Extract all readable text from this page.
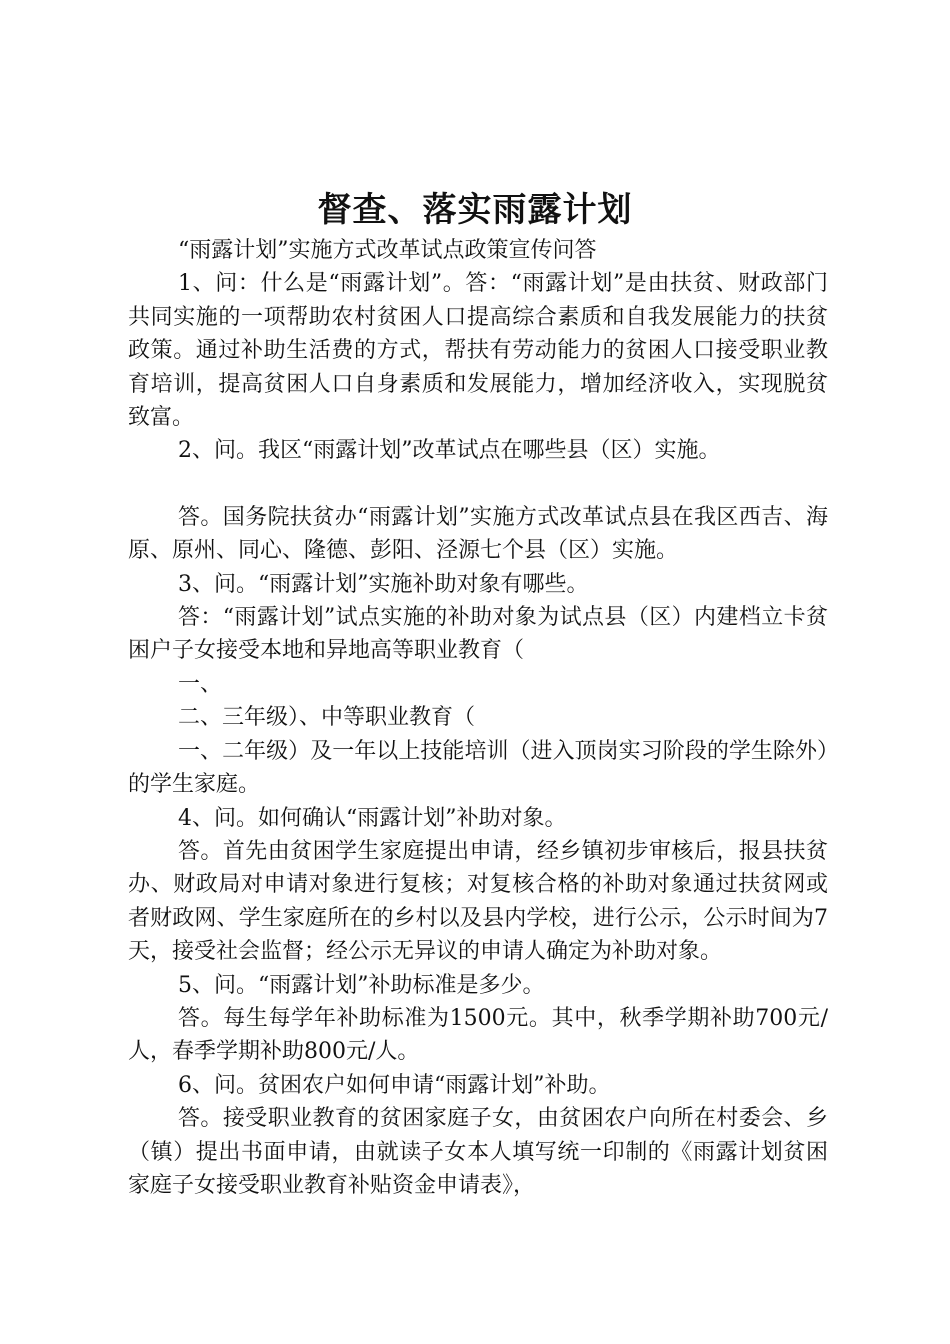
督查、落实雨露计划

“雨露计划”实施方式改革试点政策宣传问答

1、问：什么是“雨露计划”。答：“雨露计划”是由扶贫、财政部门共同实施的一项帮助农村贫困人口提高综合素质和自我发展能力的扶贫政策。通过补助生活费的方式，帮扶有劳动能力的贫困人口接受职业教育培训，提高贫困人口自身素质和发展能力，增加经济收入，实现脱贫致富。

2、问。我区“雨露计划”改革试点在哪些县（区）实施。

答。国务院扶贫办“雨露计划”实施方式改革试点县在我区西吉、海原、原州、同心、隆德、彭阳、泾源七个县（区）实施。

3、问。“雨露计划”实施补助对象有哪些。

答：“雨露计划”试点实施的补助对象为试点县（区）内建档立卡贫困户子女接受本地和异地高等职业教育（

一、

二、三年级）、中等职业教育（

一、二年级）及一年以上技能培训（进入顶岗实习阶段的学生除外）的学生家庭。

4、问。如何确认“雨露计划”补助对象。

答。首先由贫困学生家庭提出申请，经乡镇初步审核后，报县扶贫办、财政局对申请对象进行复核；对复核合格的补助对象通过扶贫网或者财政网、学生家庭所在的乡村以及县内学校，进行公示，公示时间为7天，接受社会监督；经公示无异议的申请人确定为补助对象。

5、问。“雨露计划”补助标准是多少。

答。每生每学年补助标准为1500元。其中，秋季学期补助700元/人，春季学期补助800元/人。

6、问。贫困农户如何申请“雨露计划”补助。

答。接受职业教育的贫困家庭子女，由贫困农户向所在村委会、乡（镇）提出书面申请，由就读子女本人填写统一印制的《雨露计划贫困家庭子女接受职业教育补贴资金申请表》，
